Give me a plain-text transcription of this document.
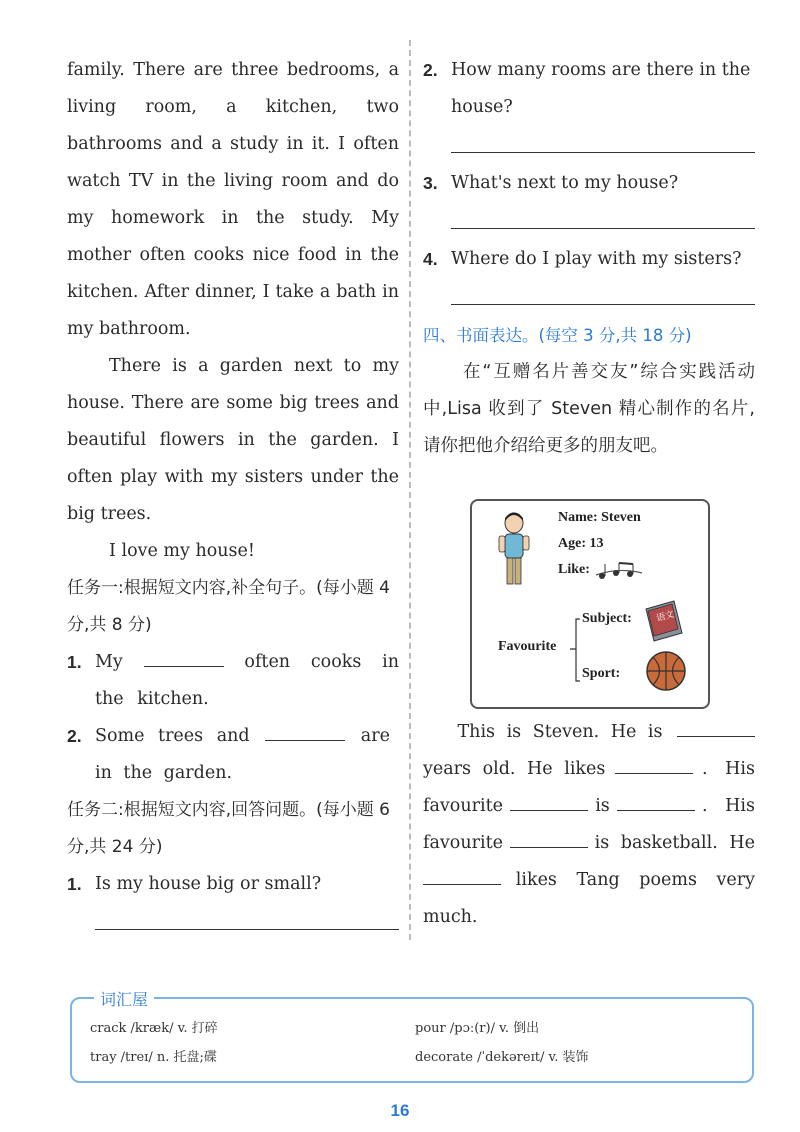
family. There are three bedrooms, a living room, a kitchen, two bathrooms and a study in it. I often watch TV in the living room and do my homework in the study. My mother often cooks nice food in the kitchen. After dinner, I take a bath in my bathroom.

There is a garden next to my house. There are some big trees and beautiful flowers in the garden. I often play with my sisters under the big trees.

I love my house!

任务一:根据短文内容,补全句子。(每小题 4 分,共 8 分)

1. My	often cooks in the kitchen.
2. Some trees and	are in the garden.

任务二:根据短文内容,回答问题。(每小题 6 分,共 24 分)

1. Is my house big or small?
2. How many rooms are there in the house?
3. What's next to my house?
4. Where do I play with my sisters?

四、书面表达。(每空 3 分,共 18 分)

在“互赠名片善交友”综合实践活动中,Lisa 收到了 Steven 精心制作的名片,请你把他介绍给更多的朋友吧。

Name: Steven
Age: 13
Like:
Subject:	语文
Favourite
Sport:
This is Steven. He is
years old. He likes	. His
favourite	is	. His
favourite	is basketball. He
likes Tang poems very
much.
词汇屋
crack /kræk/ v. 打碎	pour /pɔː(r)/ v. 倒出
tray /treɪ/ n. 托盘;碟	decorate /ˈdekəreɪt/ v. 装饰
16
